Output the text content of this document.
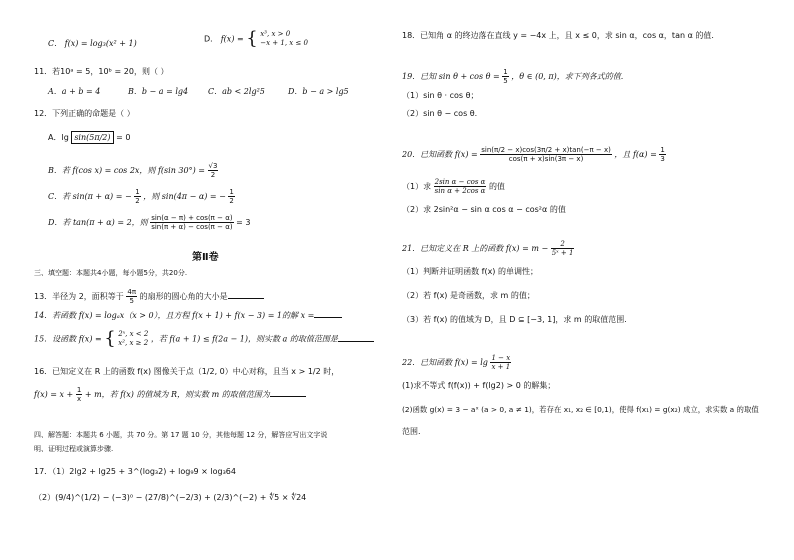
C． f(x) = log₃(x² + 1)	D． f(x) = { x³, x > 0
−x + 1, x ≤ 0
11．若10ᵃ = 5，10ᵇ = 20，则（ ）
A．a + b = 4	B．b − a = lg4 C．ab < 2lg²5	D．b − a > lg5
12．下列正确的命题是（ ）
A．lg sin(5π/2) = 0
B．若 f(cos x) = cos 2x，则 f(sin $30^\circ) = \frac{√3}{2}$
C．若 sin(π + α) = − $\frac{1}{2}$ ，则 sin(4π − α) = − $\frac{1}{2}$
D．若 tan(π + α) = 2，则 $\frac{\sin(\alpha - \pi) + \cos(\pi - \alpha)}{\sin(\pi + \alpha) - \cos(\pi - \alpha)} = 3$
第Ⅱ卷
三、填空题：本题共4小题，每小题5分，共20分.
13．半径为 2，面积等于 $\frac{4\pi}{5}$ 的扇形的圆心角的大小是
14．若函数 f(x) = logₐx（x > 0），且方程 f(x + 1) + f(x − 3) = 1的解 x =
15．设函数 f(x) = { 2ˣ, x < 2
x², x ≥ 2 ，若 f(a + 1) ≤ f(2a − 1)，则实数 a 的取值范围是
16．已知定义在 R 上的函数 f(x) 图像关于点（1/2, 0）中心对称，且当 x > 1/2 时，
$f(x) = x + \frac{1}{x} + m$，若 f(x) 的值域为 R，则实数 m 的取值范围为
四、解答题：本题共 6 小题，共 70 分。第 17 题 10 分，其他每题 12 分，解答应写出文字说
明、证明过程或演算步骤.
17．（1）2lg2 + lg25 + 3^(log₃2) + log₉9 × log₃64
（2）(9/4)^(1/2) − (−3)⁰ − (27/8)^(−2/3) + (2/3)^(−2) + ∜5 × ∜24
18．已知角 α 的终边落在直线 y = −4x 上，且 x ≤ 0，求 sin α，cos α，tan α 的值.
19．已知 $\sin \theta + \cos \theta = \frac{1}{5}$ ，θ ∈ (0, π)，求下列各式的值.
（1）sin θ · cos θ；
（2）sin θ − cos θ.
20．已知函数 $f(x) = \frac{\sin(\pi/2 - x)\cos(3\pi/2 + x)\tan(-\pi - x)}{\cos(\pi + x)\sin(3\pi - x)}$ ，且 $f(\alpha) = \frac{1}{3}$
（1）求 $\frac{\text{2sin α − cos α}}{\text{sin α + 2cos α}}$ 的值
（2）求 2sin²α − sin α cos α − cos²α 的值
21．已知定义在 R 上的函数 $f(x) = m - \frac{2}{\text{5ˣ + 1}}$
（1）判断并证明函数 f(x) 的单调性；
（2）若 f(x) 是奇函数，求 m 的值；
（3）若 f(x) 的值域为 D，且 D ⊆ [−3, 1]，求 m 的取值范围.
22．已知函数 $f(x) = \lg \frac{1 - x}{x + 1}$
(1)求不等式 f(f(x)) + f(lg2) > 0 的解集；
(2)函数 g(x) = 3 − aˣ (a > 0, a ≠ 1)，若存在 x₁, x₂ ∈ [0,1)，使得 f(x₁) = g(x₂) 成立，求实数 a 的取值
范围.
